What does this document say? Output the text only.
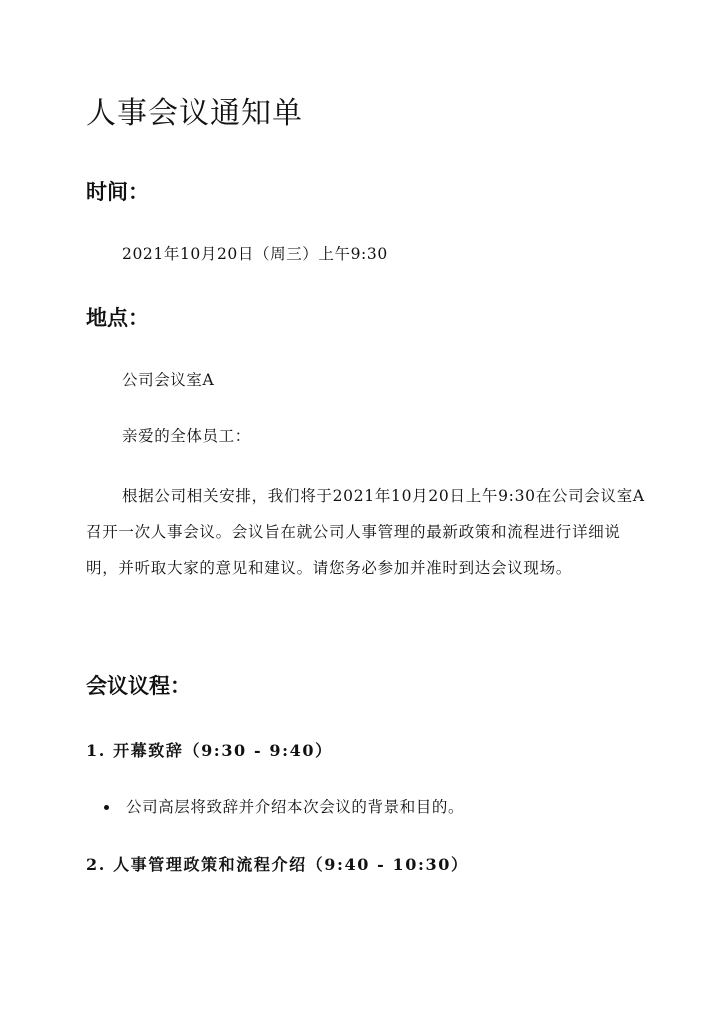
人事会议通知单
时间：

2021年10月20日（周三）上午9:30

地点：

公司会议室A

亲爱的全体员工：

根据公司相关安排，我们将于2021年10月20日上午9:30在公司会议室A召开一次人事会议。会议旨在就公司人事管理的最新政策和流程进行详细说明，并听取大家的意见和建议。请您务必参加并准时到达会议现场。

会议议程：

1. 开幕致辞（9:30 - 9:40）

公司高层将致辞并介绍本次会议的背景和目的。

2. 人事管理政策和流程介绍（9:40 - 10:30）
